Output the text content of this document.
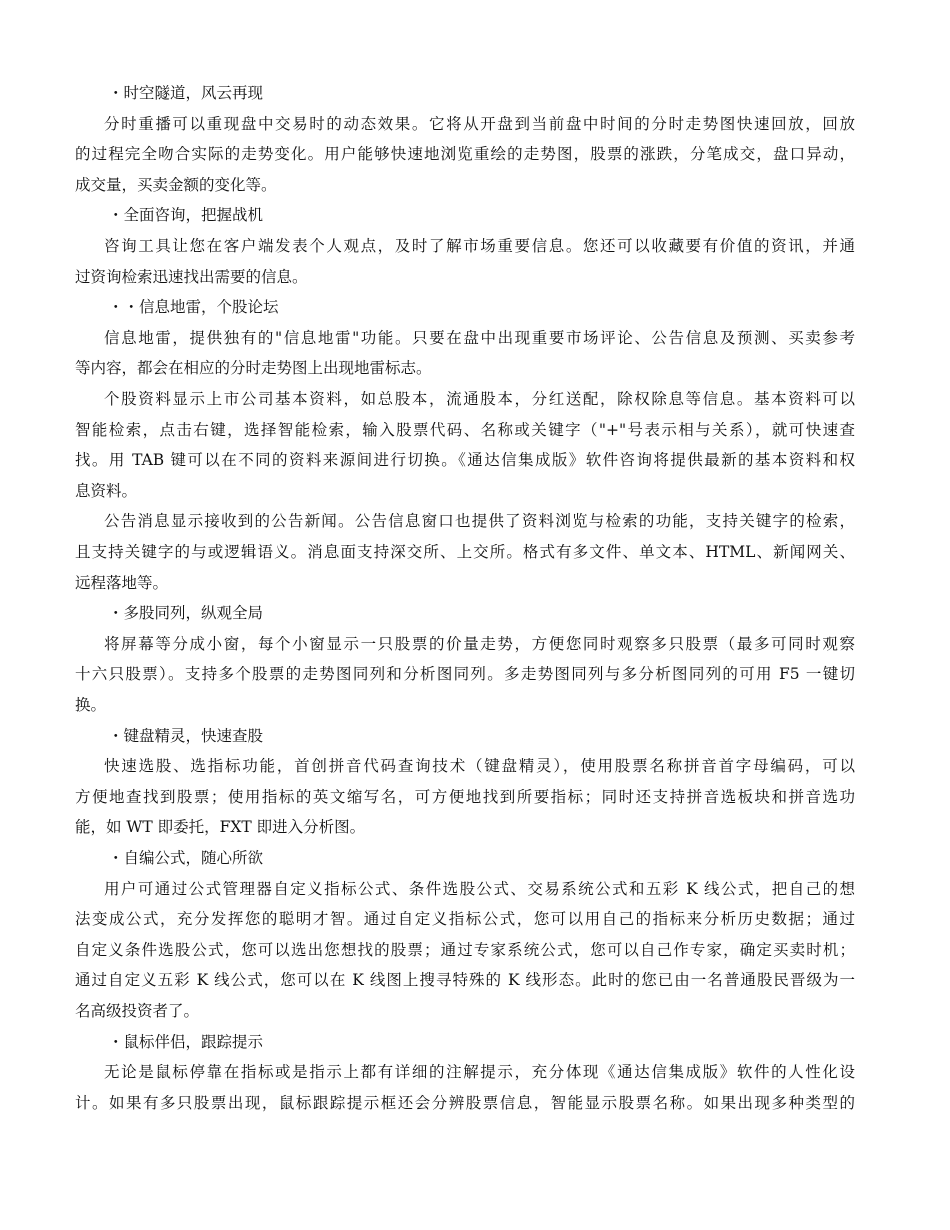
・时空隧道，风云再现
分时重播可以重现盘中交易时的动态效果。它将从开盘到当前盘中时间的分时走势图快速回放，回放
的过程完全吻合实际的走势变化。用户能够快速地浏览重绘的走势图，股票的涨跌，分笔成交，盘口异动，
成交量，买卖金额的变化等。
・全面咨询，把握战机
咨询工具让您在客户端发表个人观点，及时了解市场重要信息。您还可以收藏要有价值的资讯，并通
过资询检索迅速找出需要的信息。
・・信息地雷，个股论坛
信息地雷，提供独有的"信息地雷"功能。只要在盘中出现重要市场评论、公告信息及预测、买卖参考
等内容，都会在相应的分时走势图上出现地雷标志。
个股资料显示上市公司基本资料，如总股本，流通股本，分红送配，除权除息等信息。基本资料可以
智能检索，点击右键，选择智能检索，输入股票代码、名称或关键字（"+"号表示相与关系），就可快速查
找。用 TAB 键可以在不同的资料来源间进行切换。《通达信集成版》软件咨询将提供最新的基本资料和权
息资料。
公告消息显示接收到的公告新闻。公告信息窗口也提供了资料浏览与检索的功能，支持关键字的检索，
且支持关键字的与或逻辑语义。消息面支持深交所、上交所。格式有多文件、单文本、HTML、新闻网关、
远程落地等。
・多股同列，纵观全局
将屏幕等分成小窗，每个小窗显示一只股票的价量走势，方便您同时观察多只股票（最多可同时观察
十六只股票）。支持多个股票的走势图同列和分析图同列。多走势图同列与多分析图同列的可用 F5 一键切
换。
・键盘精灵，快速查股
快速选股、选指标功能，首创拼音代码查询技术（键盘精灵），使用股票名称拼音首字母编码，可以
方便地查找到股票；使用指标的英文缩写名，可方便地找到所要指标；同时还支持拼音选板块和拼音选功
能，如 WT 即委托，FXT 即进入分析图。
・自编公式，随心所欲
用户可通过公式管理器自定义指标公式、条件选股公式、交易系统公式和五彩 K 线公式，把自己的想
法变成公式，充分发挥您的聪明才智。通过自定义指标公式，您可以用自己的指标来分析历史数据；通过
自定义条件选股公式，您可以选出您想找的股票；通过专家系统公式，您可以自己作专家，确定买卖时机；
通过自定义五彩 K 线公式，您可以在 K 线图上搜寻特殊的 K 线形态。此时的您已由一名普通股民晋级为一
名高级投资者了。
・鼠标伴侣，跟踪提示
无论是鼠标停靠在指标或是指示上都有详细的注解提示，充分体现《通达信集成版》软件的人性化设
计。如果有多只股票出现，鼠标跟踪提示框还会分辨股票信息，智能显示股票名称。如果出现多种类型的
